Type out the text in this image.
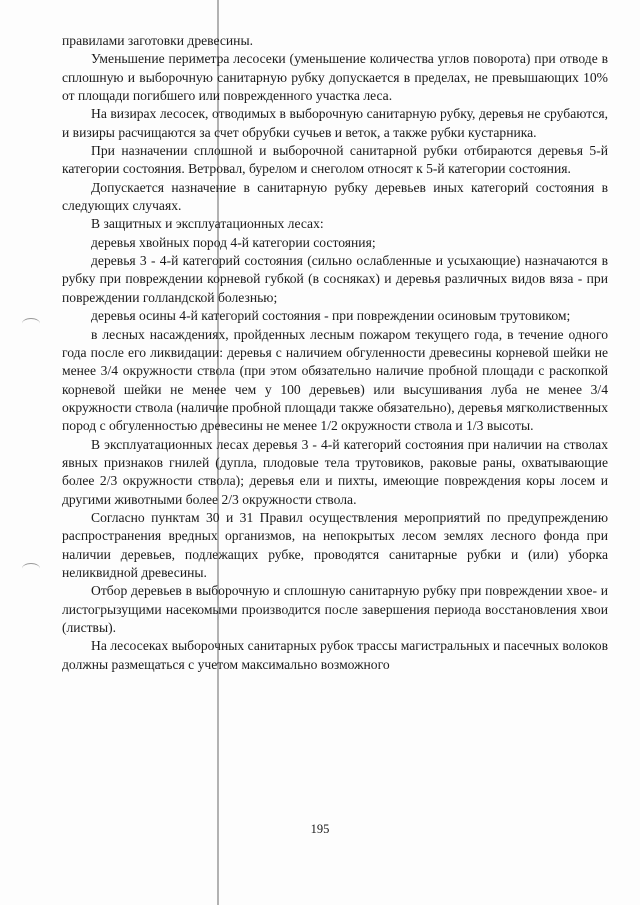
правилами заготовки древесины.

Уменьшение периметра лесосеки (уменьшение количества углов поворота) при отводе в сплошную и выборочную санитарную рубку допускается в пределах, не превышающих 10% от площади погибшего или поврежденного участка леса.

На визирах лесосек, отводимых в выборочную санитарную рубку, деревья не срубаются, и визиры расчищаются за счет обрубки сучьев и веток, а также рубки кустарника.

При назначении сплошной и выборочной санитарной рубки отбираются деревья 5-й категории состояния. Ветровал, бурелом и снеголом относят к 5-й категории состояния.

Допускается назначение в санитарную рубку деревьев иных категорий состояния в следующих случаях.

В защитных и эксплуатационных лесах:

деревья хвойных пород 4-й категории состояния;

деревья 3 - 4-й категорий состояния (сильно ослабленные и усыхающие) назначаются в рубку при повреждении корневой губкой (в сосняках) и деревья различных видов вяза - при повреждении голландской болезнью;

деревья осины 4-й категорий состояния - при повреждении осиновым трутовиком;

в лесных насаждениях, пройденных лесным пожаром текущего года, в течение одного года после его ликвидации: деревья с наличием обгуленности древесины корневой шейки не менее 3/4 окружности ствола (при этом обязательно наличие пробной площади с раскопкой корневой шейки не менее чем у 100 деревьев) или высушивания луба не менее 3/4 окружности ствола (наличие пробной площади также обязательно), деревья мягколиственных пород с обгуленностью древесины не менее 1/2 окружности ствола и 1/3 высоты.

В эксплуатационных лесах деревья 3 - 4-й категорий состояния при наличии на стволах явных признаков гнилей (дупла, плодовые тела трутовиков, раковые раны, охватывающие более 2/3 окружности ствола); деревья ели и пихты, имеющие повреждения коры лосем и другими животными более 2/3 окружности ствола.

Согласно пунктам 30 и 31 Правил осуществления мероприятий по предупреждению распространения вредных организмов, на непокрытых лесом землях лесного фонда при наличии деревьев, подлежащих рубке, проводятся санитарные рубки и (или) уборка неликвидной древесины.

Отбор деревьев в выборочную и сплошную санитарную рубку при повреждении хвое- и листогрызущими насекомыми производится после завершения периода восстановления хвои (листвы).

На лесосеках выборочных санитарных рубок трассы магистральных и пасечных волоков должны размещаться с учетом максимально возможного

195
